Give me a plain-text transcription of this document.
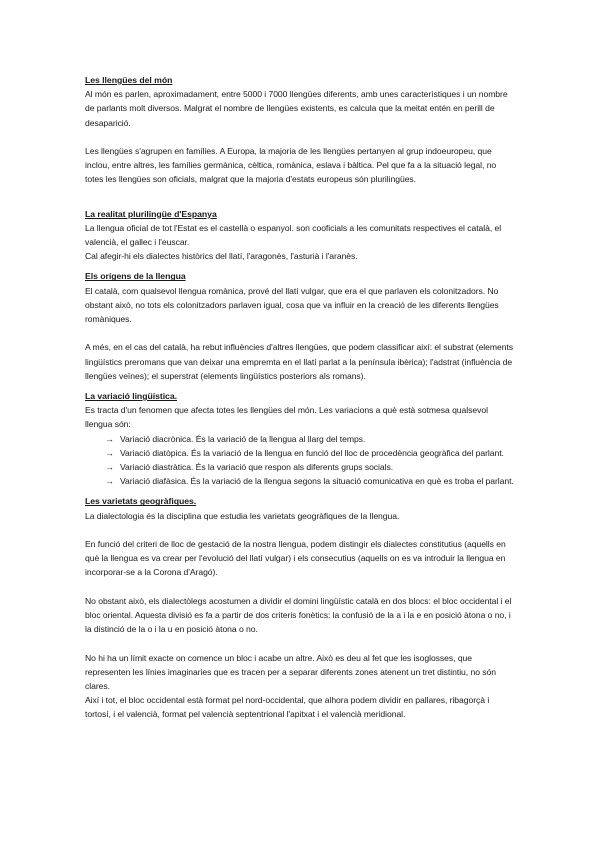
Les llengües del món

Al món es parlen, aproximadament, entre 5000 i 7000 llengües diferents, amb unes característiques i un nombre de parlants molt diversos. Malgrat el nombre de llengües existents, es calcula que la meitat entén en perill de desaparició.

Les llengües s'agrupen en famílies. A Europa, la majoria de les llengües pertanyen al grup indoeuropeu, que inclou, entre altres, les famílies germànica, cèltica, romànica, eslava i bàltica. Pel que fa a la situació legal, no totes les llengües son oficials, malgrat que la majoria d'estats europeus són plurilingües.

La realitat plurilingüe d'Espanya

La llengua oficial de tot l'Estat es el castellà o espanyol. son cooficials a les comunitats respectives el català, el valencià, el gallec i l'euscar.

Cal afegir-hi els dialectes històrics del llatí, l'aragonès, l'asturià i l'aranès.

Els orígens de la llengua

El català, com qualsevol llengua romànica, prové del llatí vulgar, que era el que parlaven els colonitzadors. No obstant això, no tots els colonitzadors parlaven igual, cosa que va influir en la creació de les diferents llengües romàniques.

A més, en el cas del català, ha rebut influències d'altres llengües, que podem classificar així: el substrat (elements lingüístics preromans que van deixar una empremta en el llatí parlat a la península ibèrica); l'adstrat (influència de llengües veïnes); el superstrat (elements lingüístics posteriors als romans).

La variació lingüística.

Es tracta d'un fenomen que afecta totes les llengües del món. Les variacions a què està sotmesa qualsevol llengua són:

→ Variació diacrònica. És la variació de la llengua al llarg del temps.
→ Variació diatòpica. És la variació de la llengua en funció del lloc de procedència geogràfica del parlant.
→ Variació diastràtica. És la variació que respon als diferents grups socials.
→ Variació diafàsica. És la variació de la llengua segons la situació comunicativa en què es troba el parlant.
Les varietats geogràfiques.

La dialectologia és la disciplina que estudia les varietats geogràfiques de la llengua.

En funció del criteri de lloc de gestació de la nostra llengua, podem distingir els dialectes constitutius (aquells en què la llengua es va crear per l'evolució del llatí vulgar) i els consecutius (aquells on es va introduir la llengua en incorporar-se a la Corona d'Aragó).

No obstant això, els dialectòlegs acostumen a dividir el domini lingüístic català en dos blocs: el bloc occidental i el bloc oriental. Aquesta divisió es fa a partir de dos criteris fonètics: la confusió de la a i la e en posició àtona o no, i la distinció de la o i la u en posició àtona o no.

No hi ha un límit exacte on comence un bloc i acabe un altre. Això es deu al fet que les isoglosses, que representen les línies imaginaries que es tracen per a separar diferents zones atenent un tret distintiu, no són clares.

Així i tot, el bloc occidental està format pel nord-occidental, que alhora podem dividir en pallares, ribagorçà i tortosí, i el valencià, format pel valencià septentrional l'apitxat i el valencià meridional.
